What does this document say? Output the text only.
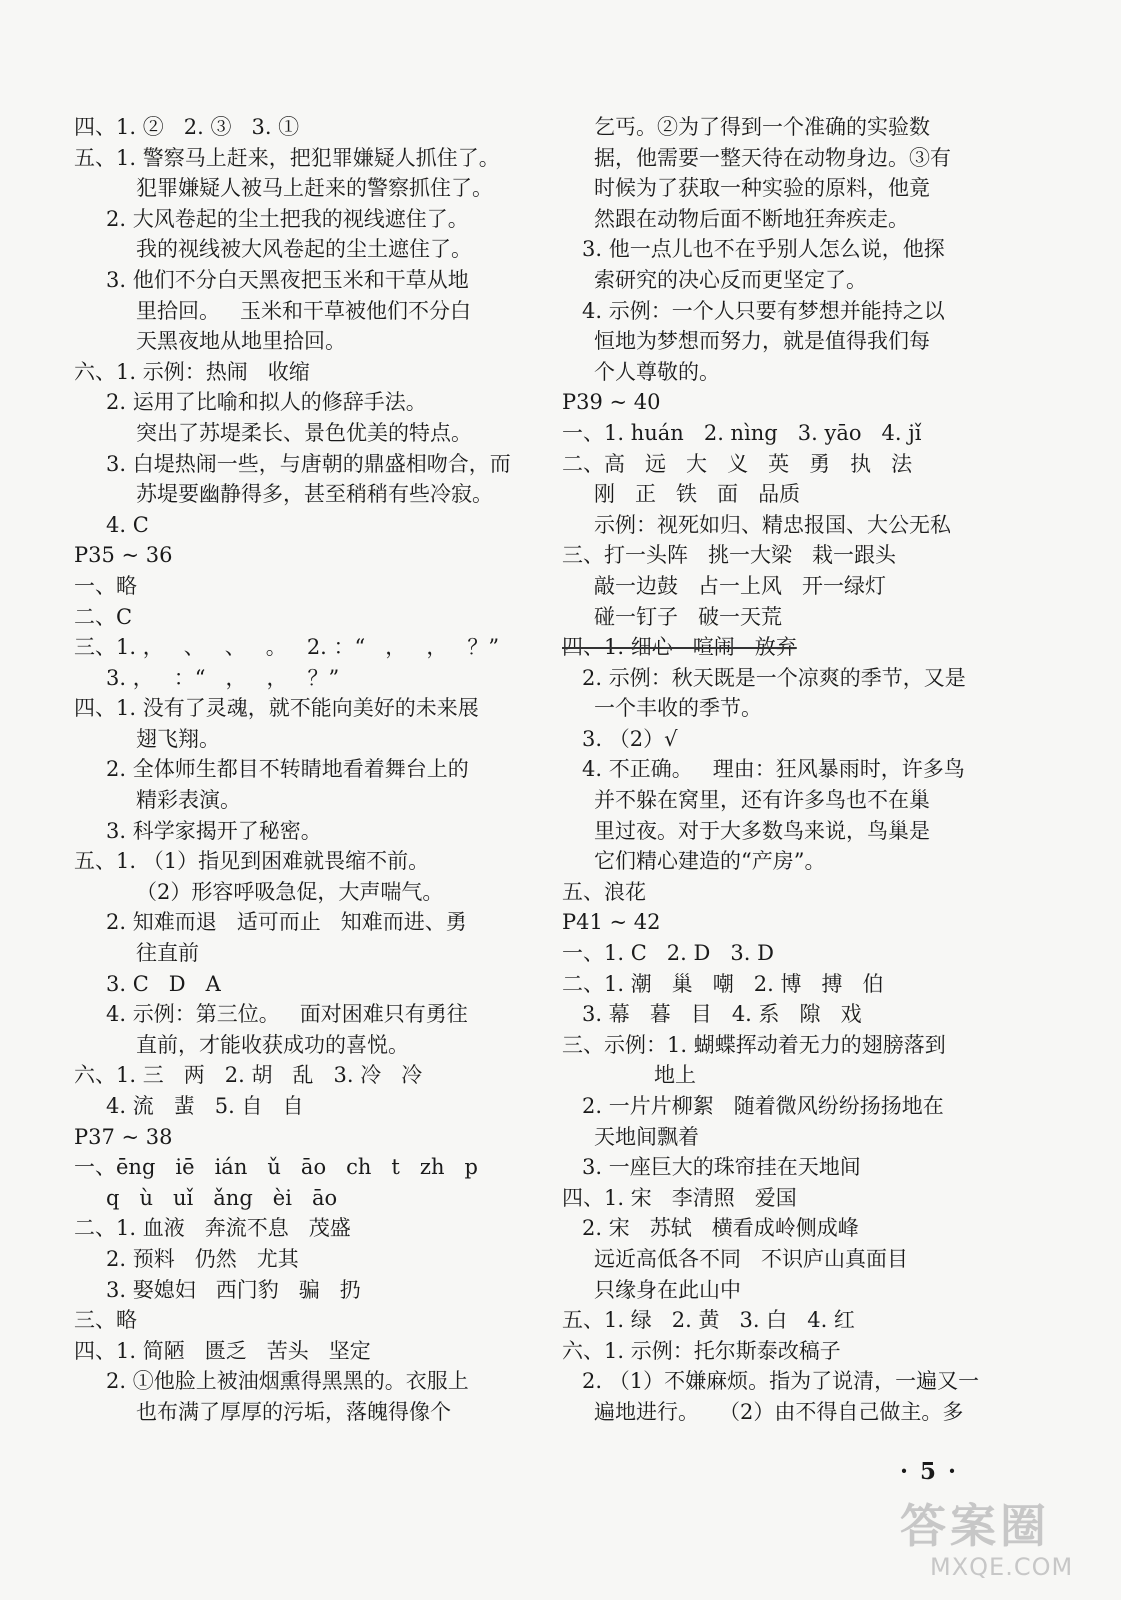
四、1. ②   2. ③   3. ①
五、1. 警察马上赶来，把犯罪嫌疑人抓住了。
犯罪嫌疑人被马上赶来的警察抓住了。
2. 大风卷起的尘土把我的视线遮住了。
我的视线被大风卷起的尘土遮住了。
3. 他们不分白天黑夜把玉米和干草从地
里拾回。   玉米和干草被他们不分白
天黑夜地从地里拾回。
六、1. 示例：热闹   收缩
2. 运用了比喻和拟人的修辞手法。
突出了苏堤柔长、景色优美的特点。
3. 白堤热闹一些，与唐朝的鼎盛相吻合，而
苏堤要幽静得多，甚至稍稍有些冷寂。
4. C
P35 ~ 36
一、略
二、C
三、1. ，   、   、   。   2. ：“   ，   ，   ？”
3. ，   ：“   ，   ，   ？”
四、1. 没有了灵魂，就不能向美好的未来展
翅飞翔。
2. 全体师生都目不转睛地看着舞台上的
精彩表演。
3. 科学家揭开了秘密。
五、1. （1）指见到困难就畏缩不前。
（2）形容呼吸急促，大声喘气。
2. 知难而退   适可而止   知难而进、勇
往直前
3. C   D   A
4. 示例：第三位。   面对困难只有勇往
直前，才能收获成功的喜悦。
六、1. 三   两   2. 胡   乱   3. 冷   冷
4. 流   蜚   5. 自   自
P37 ~ 38
一、ēng   iē   ián   ǔ   āo   ch   t   zh   p
q   ù   uǐ   ǎng   èi   āo
二、1. 血液   奔流不息   茂盛
2. 预料   仍然   尤其
3. 娶媳妇   西门豹   骗   扔
三、略
四、1. 简陋   匮乏   苦头   坚定
2. ①他脸上被油烟熏得黑黑的。衣服上
也布满了厚厚的污垢，落魄得像个
乞丐。②为了得到一个准确的实验数
据，他需要一整天待在动物身边。③有
时候为了获取一种实验的原料，他竟
然跟在动物后面不断地狂奔疾走。
3. 他一点儿也不在乎别人怎么说，他探
索研究的决心反而更坚定了。
4. 示例：一个人只要有梦想并能持之以
恒地为梦想而努力，就是值得我们每
个人尊敬的。
P39 ~ 40
一、1. huán   2. nìng   3. yāo   4. jǐ
二、高   远   大   义   英   勇   执   法
刚   正   铁   面   品质
示例：视死如归、精忠报国、大公无私
三、打一头阵   挑一大梁   栽一跟头
敲一边鼓   占一上风   开一绿灯
碰一钉子   破一天荒
四、1. 细心   喧闹   放弃
2. 示例：秋天既是一个凉爽的季节，又是
一个丰收的季节。
3. （2）√
4. 不正确。   理由：狂风暴雨时，许多鸟
并不躲在窝里，还有许多鸟也不在巢
里过夜。对于大多数鸟来说，鸟巢是
它们精心建造的“产房”。
五、浪花
P41 ~ 42
一、1. C   2. D   3. D
二、1. 潮   巢   嘲   2. 博   搏   伯
3. 幕   暮   目   4. 系   隙   戏
三、示例：1. 蝴蝶挥动着无力的翅膀落到
地上
2. 一片片柳絮   随着微风纷纷扬扬地在
天地间飘着
3. 一座巨大的珠帘挂在天地间
四、1. 宋   李清照   爱国
2. 宋   苏轼   横看成岭侧成峰
远近高低各不同   不识庐山真面目
只缘身在此山中
五、1. 绿   2. 黄   3. 白   4. 红
六、1. 示例：托尔斯泰改稿子
2. （1）不嫌麻烦。指为了说清，一遍又一
遍地进行。   （2）由不得自己做主。多
· 5 ·
答案圈
MXQE.COM
